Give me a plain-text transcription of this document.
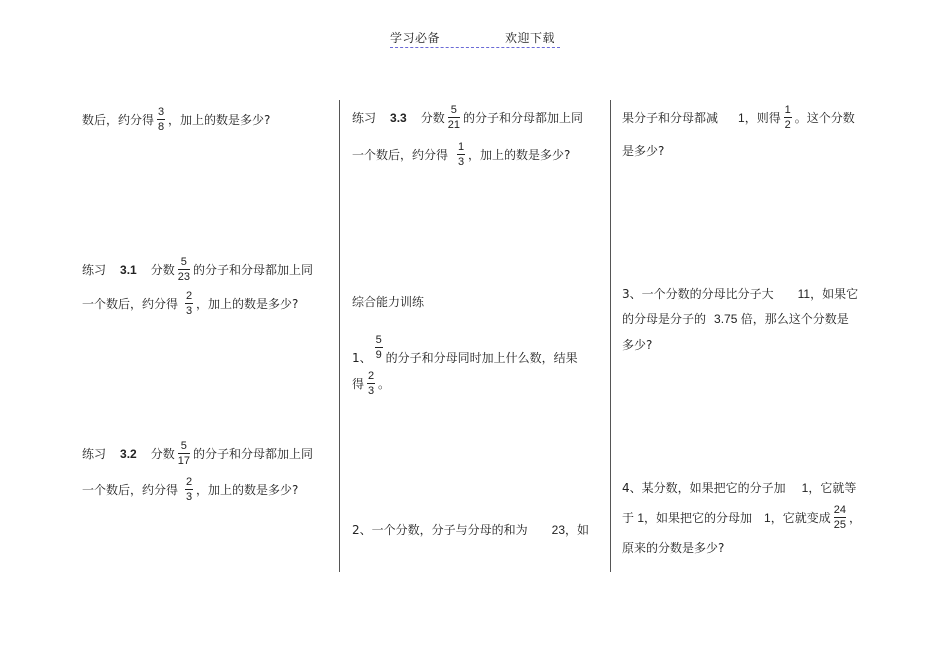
学习必备	欢迎下载
数后，约分得 $\frac{3}{8}$ ，加上的数是多少?
练习 3.1 分数 $\frac{5}{23}$ 的分子和分母都加上同
一个数后，约分得 $\frac{2}{3}$ ，加上的数是多少?
练习 3.2 分数 $\frac{5}{17}$ 的分子和分母都加上同
一个数后，约分得 $\frac{2}{3}$ ，加上的数是多少?
练习 3.3 分数 $\frac{5}{21}$ 的分子和分母都加上同
一个数后，约分得 $\frac{1}{3}$ ，加上的数是多少?
综合能力训练
1、 $\frac{5}{9}$ 的分子和分母同时加上什么数，结果
得 $\frac{2}{3}$ 。
2、一个分数，分子与分母的和为 23，如
果分子和分母都减 1，则得 $\frac{1}{2}$ 。这个分数
是多少?
3、一个分数的分母比分子大 11，如果它
的分母是分子的 3.75 倍，那么这个分数是
多少?
4、某分数，如果把它的分子加 1，它就等
于 1，如果把它的分母加 1，它就变成 $\frac{24}{25}$ ，
原来的分数是多少?
